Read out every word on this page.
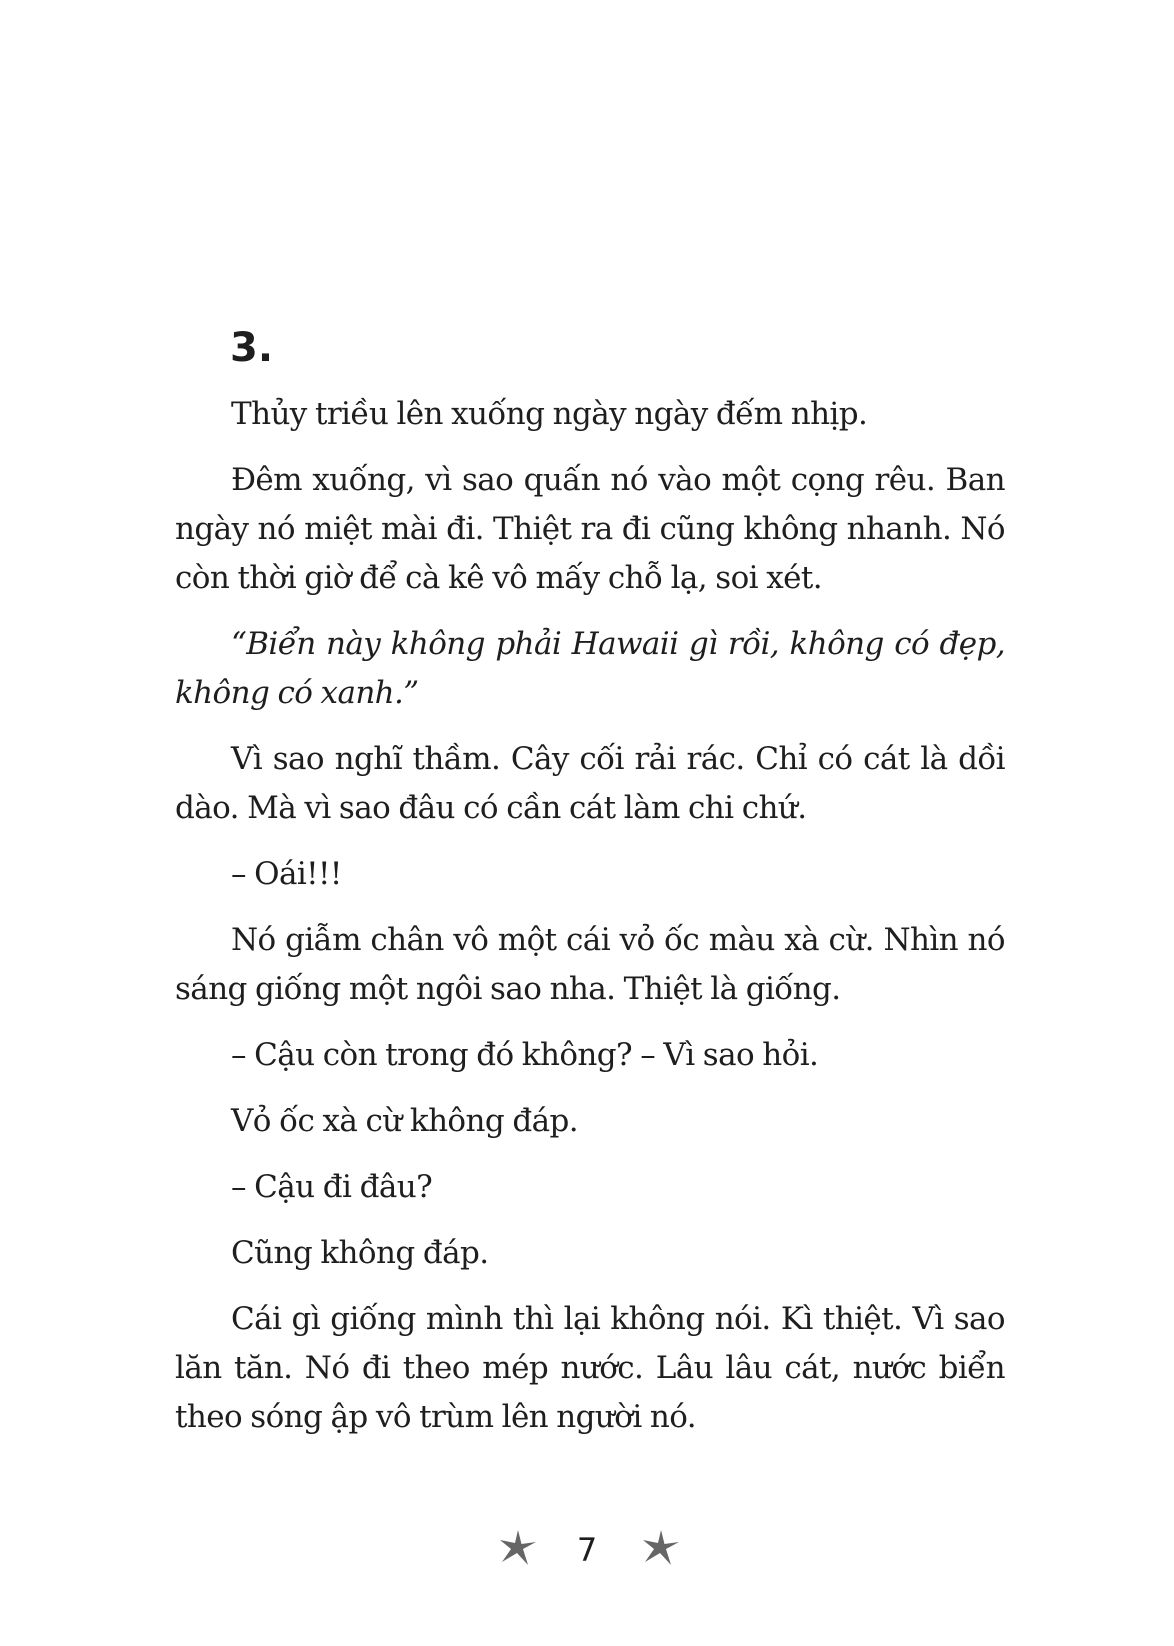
3.

Thủy triều lên xuống ngày ngày đếm nhịp.

Đêm xuống, vì sao quấn nó vào một cọng rêu. Ban ngày nó miệt mài đi. Thiệt ra đi cũng không nhanh. Nó còn thời giờ để cà kê vô mấy chỗ lạ, soi xét.

“Biển này không phải Hawaii gì rồi, không có đẹp, không có xanh.”

Vì sao nghĩ thầm. Cây cối rải rác. Chỉ có cát là dồi dào. Mà vì sao đâu có cần cát làm chi chứ.

– Oái!!!

Nó giẫm chân vô một cái vỏ ốc màu xà cừ. Nhìn nó sáng giống một ngôi sao nha. Thiệt là giống.

– Cậu còn trong đó không? – Vì sao hỏi.

Vỏ ốc xà cừ không đáp.

– Cậu đi đâu?

Cũng không đáp.

Cái gì giống mình thì lại không nói. Kì thiệt. Vì sao lăn tăn. Nó đi theo mép nước. Lâu lâu cát, nước biển theo sóng ập vô trùm lên người nó.

7
